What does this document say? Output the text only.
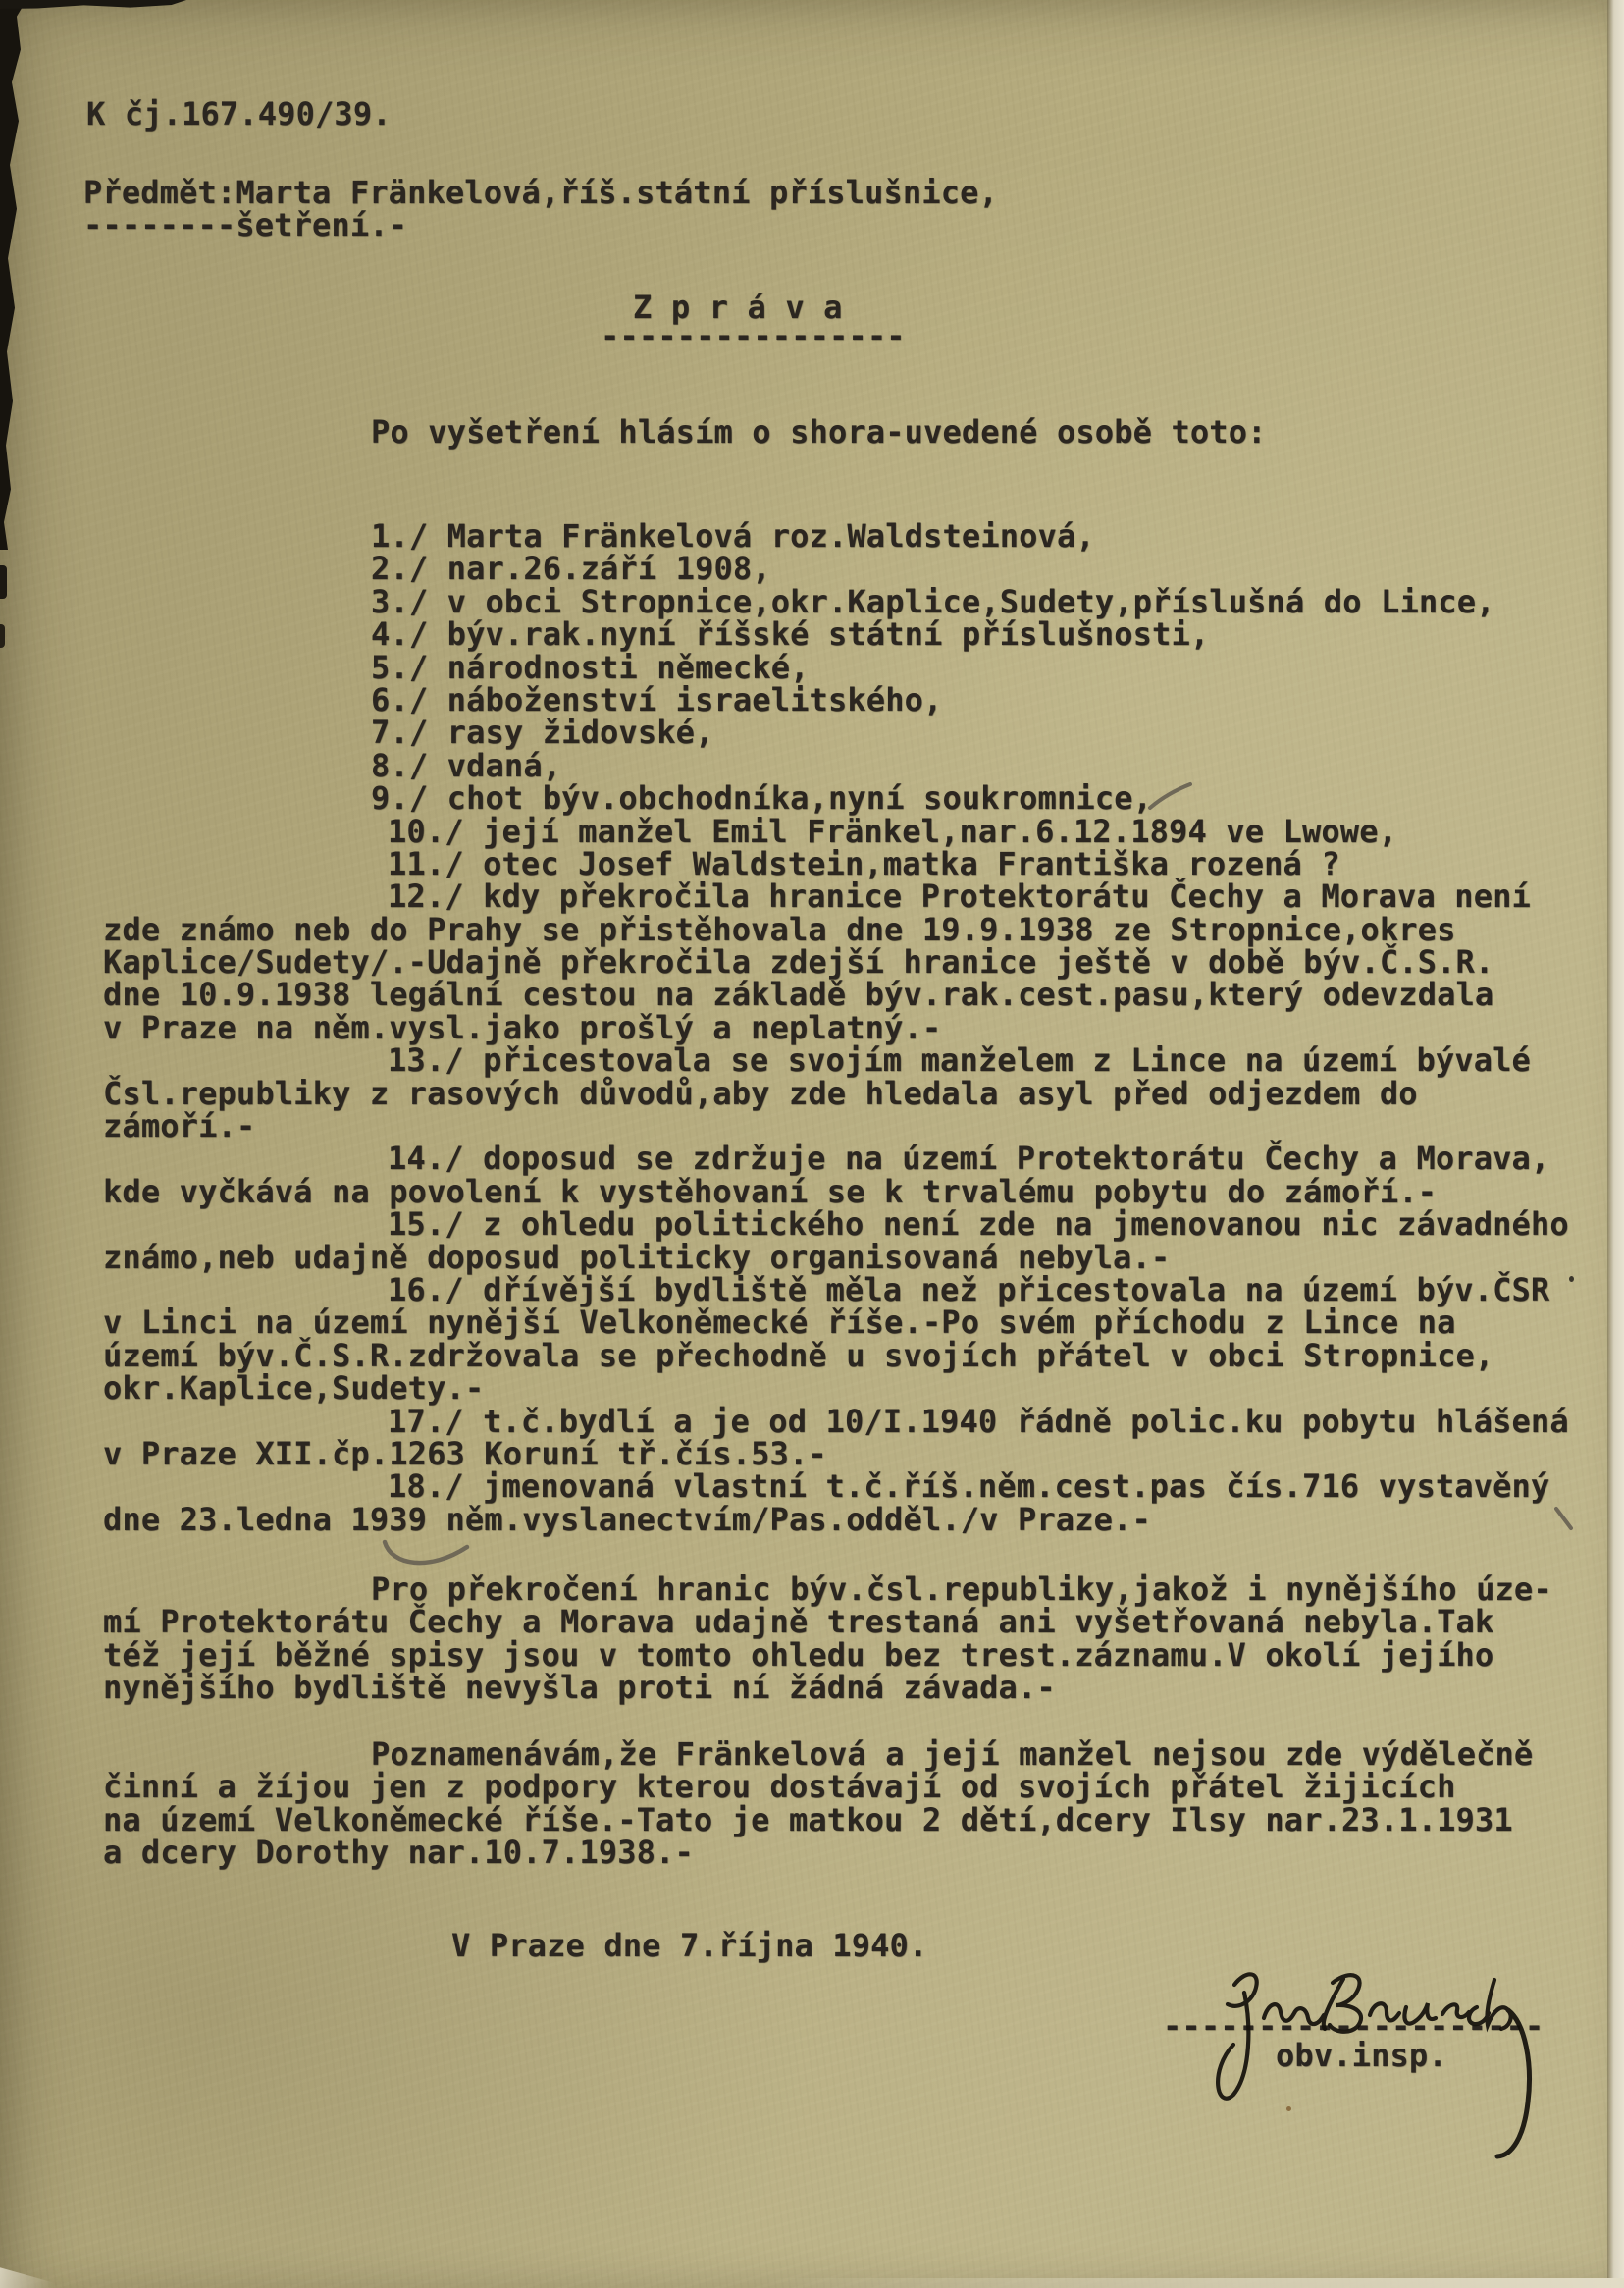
K čj.167.490/39.
Předmět:Marta Fränkelová,říš.státní příslušnice,
--------šetření.-
Z p r á v a
----------------
Po vyšetření hlásím o shora-uvedené osobě toto:
1./ Marta Fränkelová roz.Waldsteinová,
2./ nar.26.září 1908,
3./ v obci Stropnice,okr.Kaplice,Sudety,příslušná do Lince,
4./ býv.rak.nyní říšské státní příslušnosti,
5./ národnosti německé,
6./ náboženství israelitského,
7./ rasy židovské,
8./ vdaná,
9./ chot býv.obchodníka,nyní soukromnice,
10./ její manžel Emil Fränkel,nar.6.12.1894 ve Lwowe,
11./ otec Josef Waldstein,matka Františka rozená ?
12./ kdy překročila hranice Protektorátu Čechy a Morava není
zde známo neb do Prahy se přistěhovala dne 19.9.1938 ze Stropnice,okres
Kaplice/Sudety/.-Udajně překročila zdejší hranice ještě v době býv.Č.S.R.
dne 10.9.1938 legální cestou na základě býv.rak.cest.pasu,který odevzdala
v Praze na něm.vysl.jako prošlý a neplatný.-
13./ přicestovala se svojím manželem z Lince na území bývalé
Čsl.republiky z rasových důvodů,aby zde hledala asyl před odjezdem do
zámoří.-
14./ doposud se zdržuje na území Protektorátu Čechy a Morava,
kde vyčkává na povolení k vystěhovaní se k trvalému pobytu do zámoří.-
15./ z ohledu politického není zde na jmenovanou nic závadného
známo,neb udajně doposud politicky organisovaná nebyla.-
16./ dřívější bydliště měla než přicestovala na území býv.ČSR
v Linci na území nynější Velkoněmecké říše.-Po svém příchodu z Lince na
území býv.Č.S.R.zdržovala se přechodně u svojích přátel v obci Stropnice,
okr.Kaplice,Sudety.-
17./ t.č.bydlí a je od 10/I.1940 řádně polic.ku pobytu hlášená
v Praze XII.čp.1263 Koruní tř.čís.53.-
18./ jmenovaná vlastní t.č.říš.něm.cest.pas čís.716 vystavěný
dne 23.ledna 1939 něm.vyslanectvím/Pas.odděl./v Praze.-
Pro překročení hranic býv.čsl.republiky,jakož i nynějšího úze-
mí Protektorátu Čechy a Morava udajně trestaná ani vyšetřovaná nebyla.Tak
též její běžné spisy jsou v tomto ohledu bez trest.záznamu.V okolí jejího
nynějšího bydliště nevyšla proti ní žádná závada.-
Poznamenávám,že Fränkelová a její manžel nejsou zde výdělečně
činní a žíjou jen z podpory kterou dostávají od svojích přátel žijicích
na území Velkoněmecké říše.-Tato je matkou 2 dětí,dcery Ilsy nar.23.1.1931
a dcery Dorothy nar.10.7.1938.-
V Praze dne 7.října 1940.
--------------------
obv.insp.
